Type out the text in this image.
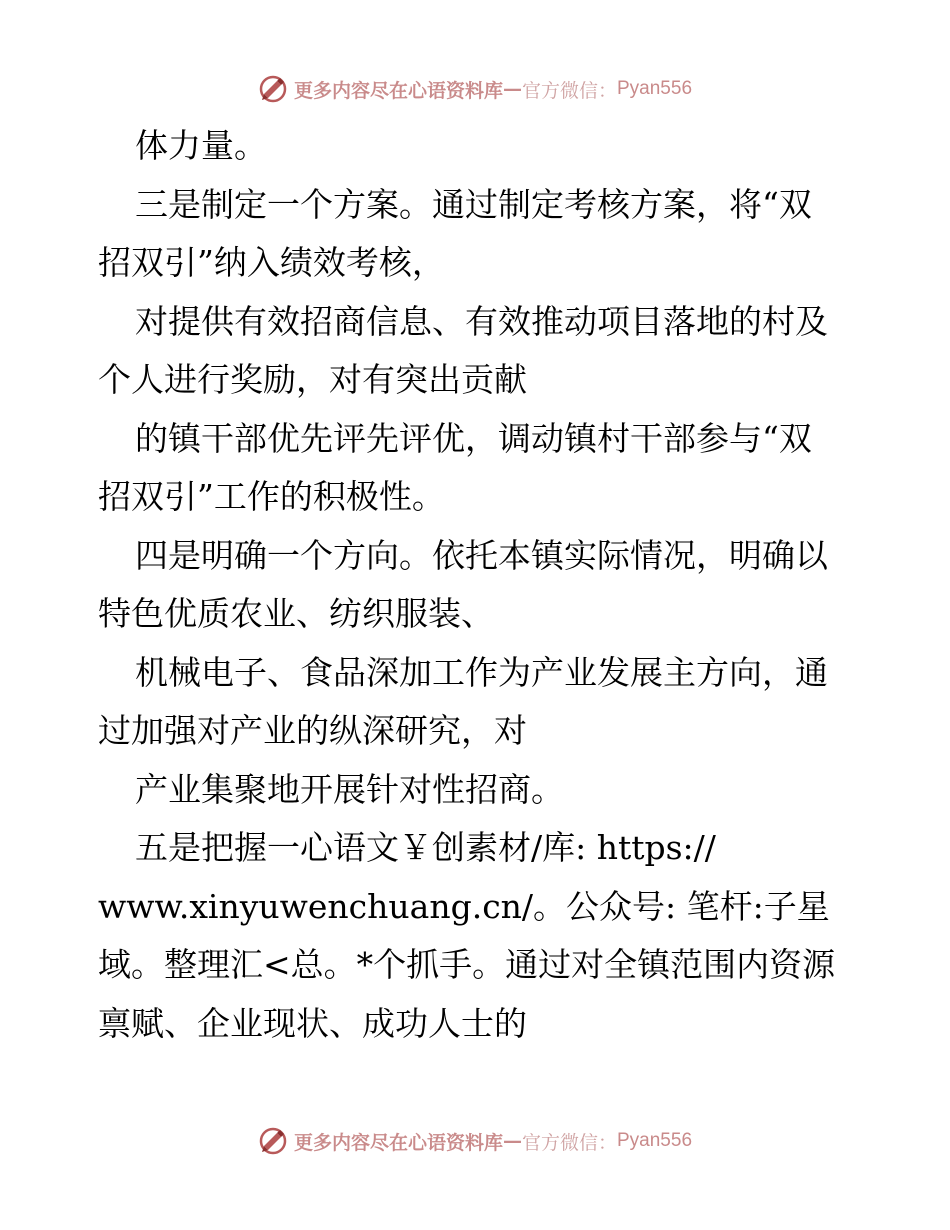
更多内容尽在心语资料库 — 官方微信： Pyan556
体力量。
三是制定一个方案。通过制定考核方案，将“双
招双引”纳入绩效考核，
对提供有效招商信息、有效推动项目落地的村及
个人进行奖励，对有突出贡献
的镇干部优先评先评优，调动镇村干部参与“双
招双引”工作的积极性。
四是明确一个方向。依托本镇实际情况，明确以
特色优质农业、纺织服装、
机械电子、食品深加工作为产业发展主方向，通
过加强对产业的纵深研究，对
产业集聚地开展针对性招商。
五是把握一心语文￥创素材/库: https://
www.xinyuwenchuang.cn/。公众号: 笔杆:子星
域。整理汇<总。*个抓手。通过对全镇范围内资源
禀赋、企业现状、成功人士的
更多内容尽在心语资料库 — 官方微信： Pyan556
